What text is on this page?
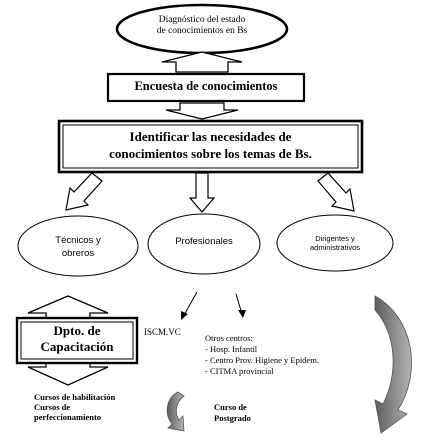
Diagnóstico del estado
de conocimientos en Bs
Encuesta de conocimientos
Identificar las necesidades de
conocimientos sobre los temas de Bs.
Técnicos y
obreros
Profesionales	Dirigentes y
administrativos
Dpto. de
Capacitación
ISCM.VC
Otros centros:
- Hosp. Infantil
- Centro Prov. Higiene y Epidem.
- CITMA provincial
Cursos de habilitación
Cursos de
perfeccionamiento
Curso de
Postgrado
